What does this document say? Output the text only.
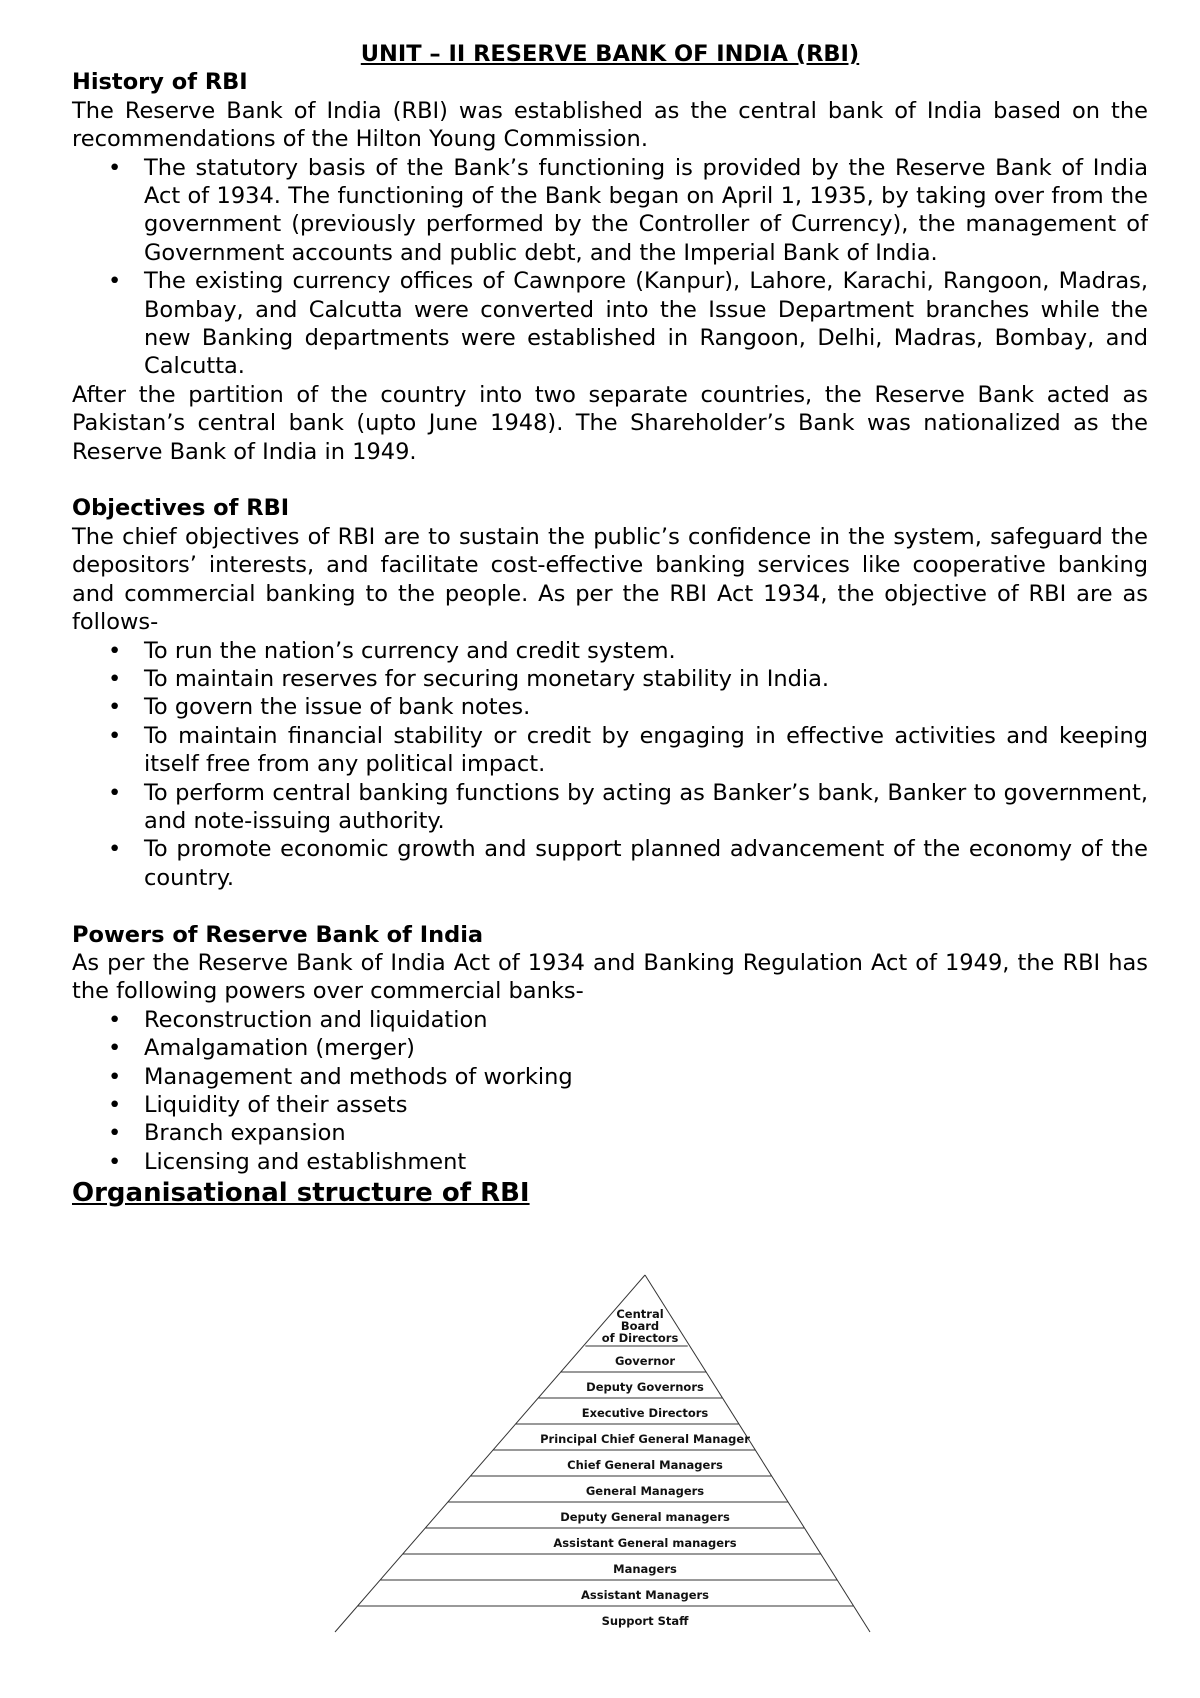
UNIT – II RESERVE BANK OF INDIA (RBI)

History of RBI

The Reserve Bank of India (RBI) was established as the central bank of India based on the recommendations of the Hilton Young Commission.

• The statutory basis of the Bank’s functioning is provided by the Reserve Bank of India Act of 1934. The functioning of the Bank began on April 1, 1935, by taking over from the government (previously performed by the Controller of Currency), the management of Government accounts and public debt, and the Imperial Bank of India.
• The existing currency offices of Cawnpore (Kanpur), Lahore, Karachi, Rangoon, Madras, Bombay, and Calcutta were converted into the Issue Department branches while the new Banking departments were established in Rangoon, Delhi, Madras, Bombay, and Calcutta.

After the partition of the country into two separate countries, the Reserve Bank acted as Pakistan’s central bank (upto June 1948). The Shareholder’s Bank was nationalized as the Reserve Bank of India in 1949.

Objectives of RBI

The chief objectives of RBI are to sustain the public’s confidence in the system, safeguard the depositors’ interests, and facilitate cost-effective banking services like cooperative banking and commercial banking to the people. As per the RBI Act 1934, the objective of RBI are as follows-

• To run the nation’s currency and credit system.
• To maintain reserves for securing monetary stability in India.
• To govern the issue of bank notes.
• To maintain financial stability or credit by engaging in effective activities and keeping itself free from any political impact.
• To perform central banking functions by acting as Banker’s bank, Banker to government, and note-issuing authority.
• To promote economic growth and support planned advancement of the economy of the country.
Powers of Reserve Bank of India

As per the Reserve Bank of India Act of 1934 and Banking Regulation Act of 1949, the RBI has the following powers over commercial banks-

• Reconstruction and liquidation
• Amalgamation (merger)
• Management and methods of working
• Liquidity of their assets
• Branch expansion
• Licensing and establishment
Organisational structure of RBI
Central
Board
of Directors
Governor
Deputy Governors
Executive Directors
Principal Chief General Manager
Chief General Managers
General Managers
Deputy General managers
Assistant General managers
Managers
Assistant Managers
Support Staff
